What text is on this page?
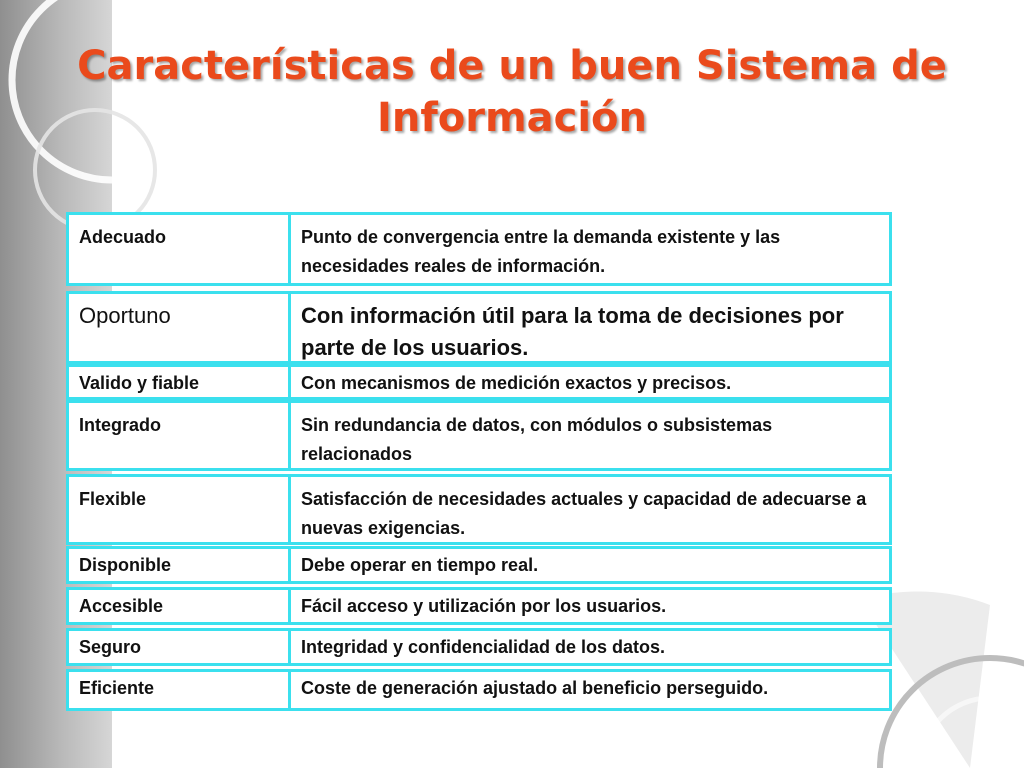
Características de un buen Sistema de Información
Adecuado	Punto de convergencia entre la demanda existente y las necesidades reales de información.
Oportuno	Con información útil para la toma de decisiones por parte de los usuarios.
Valido y fiable	Con mecanismos de medición exactos y precisos.
Integrado	Sin redundancia de datos, con módulos o subsistemas relacionados
Flexible	Satisfacción de necesidades actuales y capacidad de adecuarse a nuevas exigencias.
Disponible	Debe operar en tiempo real.
Accesible	Fácil acceso y utilización por los usuarios.
Seguro	Integridad y confidencialidad de los datos.
Eficiente	Coste de generación ajustado al beneficio perseguido.
